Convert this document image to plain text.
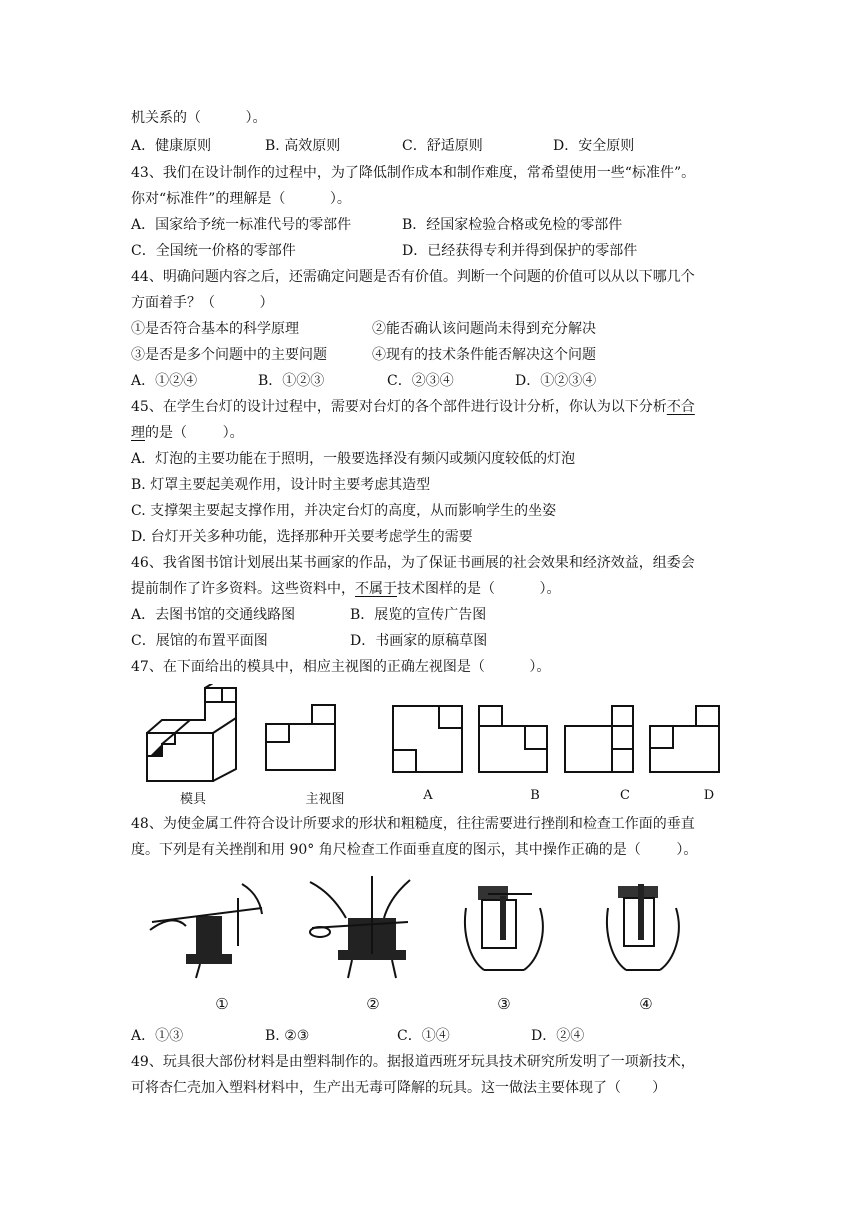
机关系的（          ）。
A．健康原则	B. 高效原则	C．舒适原则	D．安全原则
43、我们在设计制作的过程中，为了降低制作成本和制作难度，常希望使用一些“标准件”。
你对“标准件”的理解是（          ）。
A．国家给予统一标准代号的零部件	B．经国家检验合格或免检的零部件
C．全国统一价格的零部件	D．已经获得专利并得到保护的零部件
44、明确问题内容之后，还需确定问题是否有价值。判断一个问题的价值可以从以下哪几个
方面着手？（          ）
①是否符合基本的科学原理	②能否确认该问题尚未得到充分解决
③是否是多个问题中的主要问题	④现有的技术条件能否解决这个问题
A．①②④	B．①②③	C．②③④	D．①②③④
45、在学生台灯的设计过程中，需要对台灯的各个部件进行设计分析，你认为以下分析不合
理的是（        ）。
A．灯泡的主要功能在于照明，一般要选择没有频闪或频闪度较低的灯泡
B. 灯罩主要起美观作用，设计时主要考虑其造型
C. 支撑架主要起支撑作用，并决定台灯的高度，从而影响学生的坐姿
D. 台灯开关多种功能，选择那种开关要考虑学生的需要
46、我省图书馆计划展出某书画家的作品，为了保证书画展的社会效果和经济效益，组委会
提前制作了许多资料。这些资料中，不属于技术图样的是（          ）。
A．去图书馆的交通线路图	B．展览的宣传广告图
C．展馆的布置平面图	D．书画家的原稿草图
47、在下面给出的模具中，相应主视图的正确左视图是（          ）。
模具	主视图	A	B	C	D
48、为使金属工件符合设计所要求的形状和粗糙度，往往需要进行挫削和检查工作面的垂直
度。下列是有关挫削和用 90° 角尺检查工作面垂直度的图示，其中操作正确的是（        ）。
①	②	③	④
A．①③	B. ②③	C．①④	D．②④
49、玩具很大部份材料是由塑料制作的。据报道西班牙玩具技术研究所发明了一项新技术，
可将杏仁壳加入塑料材料中，生产出无毒可降解的玩具。这一做法主要体现了（       ）
